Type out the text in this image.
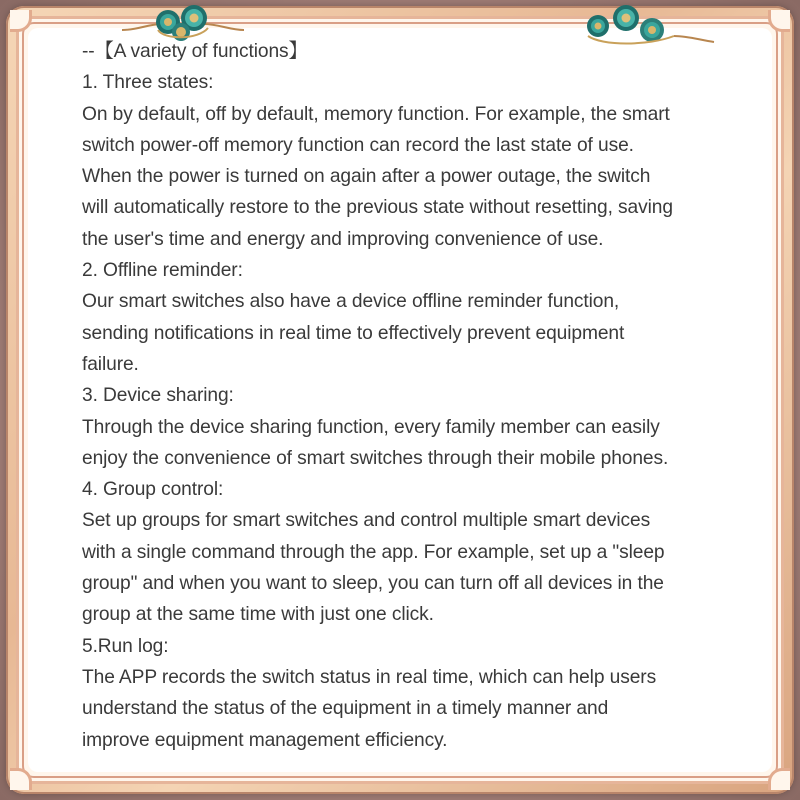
--【A variety of functions】
1. Three states:
On by default, off by default, memory function. For example, the smart
switch power-off memory function can record the last state of use.
When the power is turned on again after a power outage, the switch
will automatically restore to the previous state without resetting, saving
the user's time and energy and improving convenience of use.
2. Offline reminder:
Our smart switches also have a device offline reminder function,
sending notifications in real time to effectively prevent equipment
failure.
3. Device sharing:
Through the device sharing function, every family member can easily
enjoy the convenience of smart switches through their mobile phones.
4. Group control:
Set up groups for smart switches and control multiple smart devices
with a single command through the app. For example, set up a "sleep
group" and when you want to sleep, you can turn off all devices in the
group at the same time with just one click.
5.Run log:
The APP records the switch status in real time, which can help users
understand the status of the equipment in a timely manner and
improve equipment management efficiency.
